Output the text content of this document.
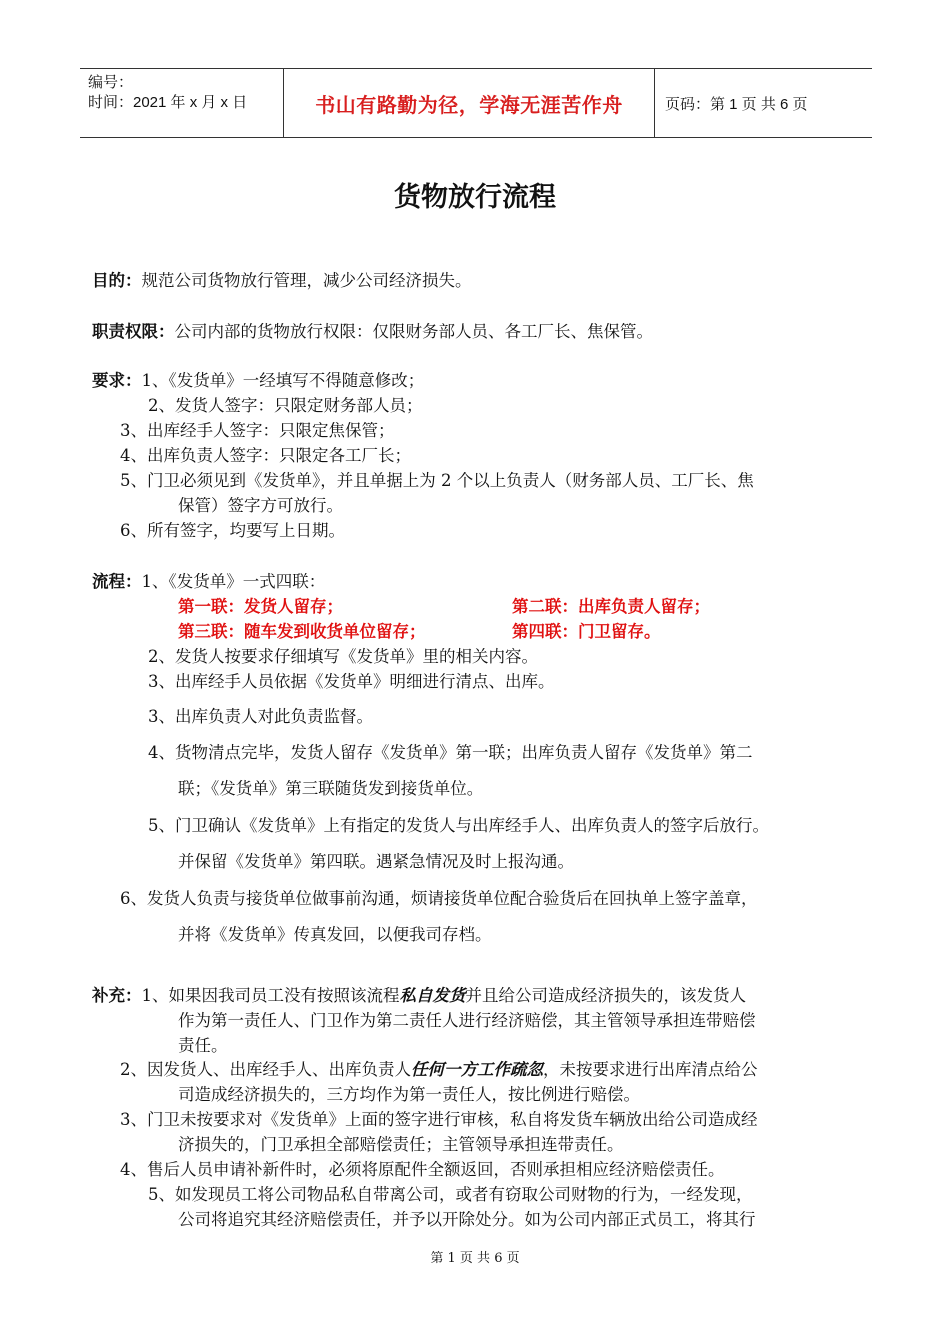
编号：
时间：2021 年 x 月 x 日	书山有路勤为径，学海无涯苦作舟	页码：第 1 页 共 6 页
货物放行流程
目的：规范公司货物放行管理，减少公司经济损失。
职责权限：公司内部的货物放行权限：仅限财务部人员、各工厂长、焦保管。
要求：1、《发货单》一经填写不得随意修改；
2、发货人签字：只限定财务部人员；
3、出库经手人签字：只限定焦保管；
4、出库负责人签字：只限定各工厂长；
5、门卫必须见到《发货单》，并且单据上为 2 个以上负责人（财务部人员、工厂长、焦
保管）签字方可放行。
6、所有签字，均要写上日期。
流程：1、《发货单》一式四联：
第一联：发货人留存；	第二联：出库负责人留存；
第三联：随车发到收货单位留存；	第四联：门卫留存。
2、发货人按要求仔细填写《发货单》里的相关内容。
3、出库经手人员依据《发货单》明细进行清点、出库。
3、出库负责人对此负责监督。
4、货物清点完毕，发货人留存《发货单》第一联；出库负责人留存《发货单》第二
联；《发货单》第三联随货发到接货单位。
5、门卫确认《发货单》上有指定的发货人与出库经手人、出库负责人的签字后放行。
并保留《发货单》第四联。遇紧急情况及时上报沟通。
6、发货人负责与接货单位做事前沟通，烦请接货单位配合验货后在回执单上签字盖章，
并将《发货单》传真发回，以便我司存档。
补充：1、如果因我司员工没有按照该流程私自发货并且给公司造成经济损失的，该发货人
作为第一责任人、门卫作为第二责任人进行经济赔偿，其主管领导承担连带赔偿
责任。
2、因发货人、出库经手人、出库负责人任何一方工作疏忽，未按要求进行出库清点给公
司造成经济损失的，三方均作为第一责任人，按比例进行赔偿。
3、门卫未按要求对《发货单》上面的签字进行审核，私自将发货车辆放出给公司造成经
济损失的，门卫承担全部赔偿责任；主管领导承担连带责任。
4、售后人员申请补新件时，必须将原配件全额返回，否则承担相应经济赔偿责任。
5、如发现员工将公司物品私自带离公司，或者有窃取公司财物的行为，一经发现，
公司将追究其经济赔偿责任，并予以开除处分。如为公司内部正式员工，将其行
第 1 页 共 6 页
